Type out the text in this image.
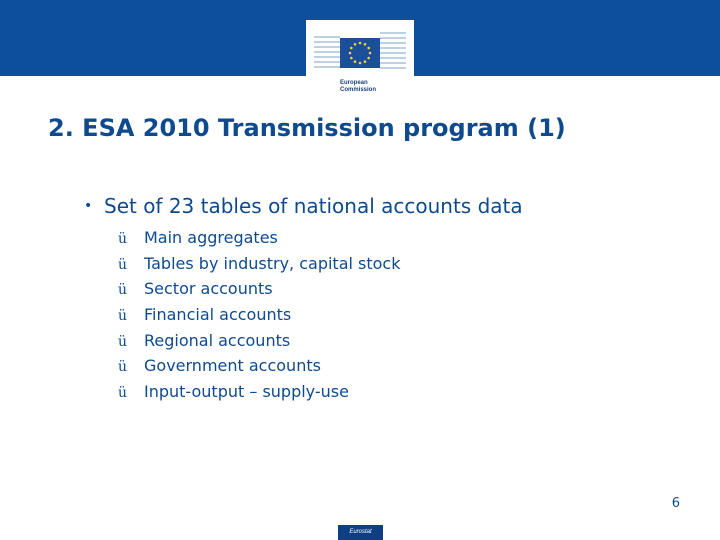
European
Commission
2. ESA 2010 Transmission program (1)
• Set of 23 tables of national accounts data
ü Main aggregates
ü Tables by industry, capital stock
ü Sector accounts
ü Financial accounts
ü Regional accounts
ü Government accounts
ü Input-output – supply-use
6
Eurostat
